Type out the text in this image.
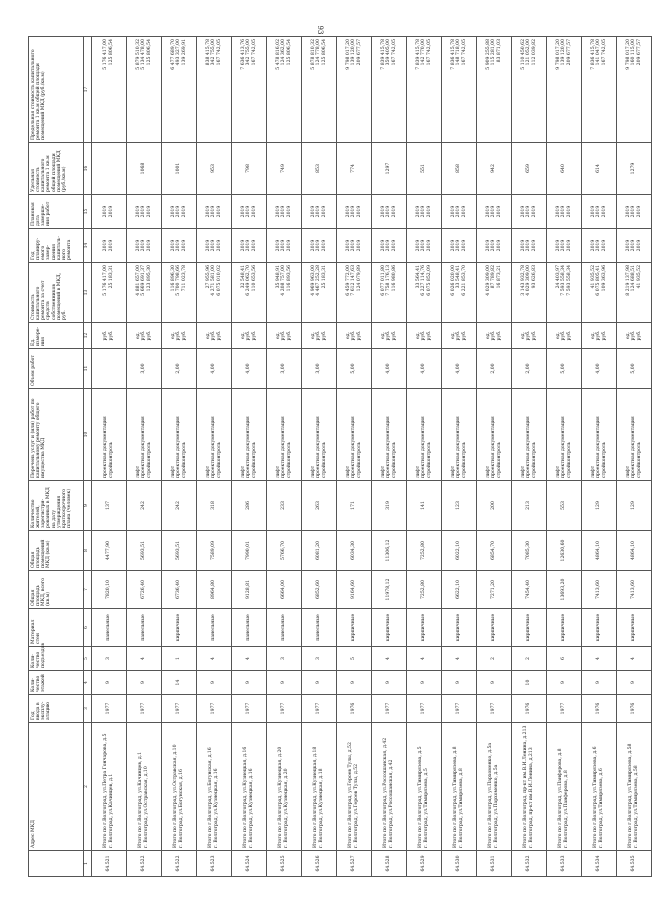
93
	Адрес МКД	Год ввода в эксплу-атацию	Коли-чество этажей	Коли-чество подъездов	Материал стен	Общая площадь МКД, всего (кв.м)	Общая площадь помещений МКД (кв.м)	Количество жителей, зарегистри-рованных в МКД на дату утверждения краткосрочного плана (человек)	Перечень услуг и (или) работ по капитальному ремонту общего имущества МКД	Объем работ	Ед. измере-ния	Стоимость капитального ремонта за счет средств собственников помещений в МКД, руб.	Год планиру-емого завер-шения капиталь-ного ремонта	Плановая дата заверше-ния работ	Удельная стоимость капитального ремонта 1 кв.м общей площади помещений МКД (руб./кв.м)	Предельная стоимость капитального ремонта 1 кв.м общей площади помещений МКД (руб./кв.м)
1	2	3	4	5	6	7	8	9	10	11	12	13	14	15	16	17
64.521	Итого по г.Волгоград, ул.Петра Гончарова, д.5 г. Волгоград, ул.Качинцев, д.1	1977	9	3	панельные	7820,10	4477,90	137	проектная документация стройконтроль		руб. руб.	5 176 417,00 25 183,31	2019 2019	2019 2019		5 176 417,00 125 806,54

64.522	Итого по г.Волгоград, ул.Качинцев, д.1 г. Волгоград, ул.Остравская, д.10	1977	9	4	панельные	6726,40	5693,51	242	лифт проектная документация стройконтроль	3,00	ед. руб. руб.	4 881 657,00 5 669 691,37 123 895,30	2019 2019 2019	2019 2019 2019	1068	5 879 510,32 5 134 478,00 125 806,54

64.522	Итого по г.Волгоград, ул.Остравская, д.10 г. Волгоград, ул.Богунская, д.16	1977	14	1	кирпичные	6736,40	5693,51	242	лифт проектная документация стройконтроль	2,00	ед. руб. руб.	116 896,30 5 700 798,66 711 023,78	2019 2019 2019	2019 2019 2019	1001	6 477 689,70 493 327,00 139 269,91

64.523	Итого по г.Волгоград, ул.Богунская, д.16 г. Волгоград, ул.Кузнецкая, д.16	1977	9	4	панельные	8964,80	7589,09	318	лифт проектная документация стройконтроль	4,00	ед. руб. руб.	27 955,96 4 271 581,00 6 075 010,02	2019 2019 2019	2019 2019 2019	953	838 415,78 342 755,00 167 742,05

64.524	Итого по г.Волгоград, ул.Кузнецкая, д.16 г. Волгоград, ул.Кузнецкая, д.16	1977	9	4	панельные	9128,81	7990,01	286	лифт проектная документация стройконтроль	4,00	ед. руб. руб.	32 548,41 6 249 062,70 110 653,56	2019 2019 2019	2019 2019 2019	798	7 636 413,76 342 755,00 167 742,05

64.525	Итого по г.Волгоград, ул.Кузнецкая, д.20 г. Волгоград, ул.Кузнецкая, д.20	1977	9	3	панельные	6664,00	5766,70	233	лифт проектная документация стройконтроль	3,00	ед. руб. руб.	35 948,91 4 208 757,00 116 893,56	2019 2019 2019	2019 2019 2019	749	5 478 816,02 124 362,00 125 806,54

64.526	Итого по г.Волгоград, ул.Кузнецкая, д.18 г. Волгоград, ул.Кузнецкая, д.18	1977	9	3	панельные	6852,60	6081,20	263	лифт проектная документация стройконтроль	3,00	ед. руб. руб.	4 969 963,00 4 467 252,28 25 183,31	2019 2019 2019	2019 2019 2019	853	5 878 810,32 124 778,00 125 806,54

64.527	Итого по г.Волгоград, ул.Героев Тулы, д.52 г. Волгоград, ул.Героев Тулы, д.52	1976	9	5	кирпичные	9164,60	6034,30	171	лифт проектная документация стройконтроль	5,00	ед. руб. руб.	6 459 772,00 7 612 147,63 124 079,89	2019 2019 2019	2019 2019 2019	774	9 798 017,20 139 120,00 209 677,57

64.528	Итого по г.Волгоград, ул.Россошанская, д.42 г. Волгоград, ул.Россошанская, д.42	1977	9	4	кирпичные	11978,12	11306,12	319	лифт проектная документация стройконтроль	4,00	ед. руб. руб.	6 077 011,80 7 758 176,13 116 980,86	2019 2019 2019	2019 2019 2019	1297	7 839 415,78 359 405,00 167 742,05

64.529	Итого по г.Волгоград, ул.Тимирязева, д.5 г. Волгоград, ул.Тимирязева, д.5	1977	9	4	кирпичные	7252,80	7252,80	141	лифт проектная документация стройконтроль	4,00	ед. руб. руб.	33 564,41 6 227 114,76 6 075 852,09	2019 2019 2019	2019 2019 2019	551	7 839 415,78 142 770,00 167 742,05

64.530	Итого по г.Волгоград, ул.Тимирязева, д.8 г. Волгоград, ул.Тимирязева, д.8	1977	9	4	кирпичные	6622,10	6022,10	123	лифт проектная документация стройконтроль	4,00	ед. руб. руб.	6 026 020,00 33 548,41 6 221 853,70	2019 2019 2019	2019 2019 2019	858	7 836 415,78 148 718,00 167 742,05

64.531	Итого по г.Волгоград, ул.Пархоменко, д.5а г. Волгоград, ул.Пархоменко, д.5а	1977	9	2	кирпичные	7271,20	6854,70	200	лифт проектная документация стройконтроль	2,00	ед. руб. руб.	4 029 309,00 87 789,82 16 873,21	2019 2019 2019	2019 2019 2019	942	5 909 255,88 115 281,00 83 871,03

64.532	Итого по г.Волгоград, пр-кт им.В.И.Ленина, д.213 г. Волгоград, пр-кт им.В.И.Ленина, д.213	1976	10	2	кирпичные	7454,40	7085,30	213	лифт проектная документация стройконтроль	2,00	ед. руб. руб.	3 143 932,78 4 029 309,00 93 626,83	2019 2019 2019	2019 2019 2019	659	5 110 450,62 121 052,00 112 039,82

64.533	Итого по г.Волгоград, ул.Панферова, д.8 г. Волгоград, ул.Панферова, д.8	1977	9	6	кирпичные	13693,20	12630,60	553	лифт проектная документация стройконтроль	5,00	ед. руб. руб.	24 403,97 7 593 558,34 7 593 558,34	2019 2019 2019	2019 2019 2019	640	9 798 017,20 139 120,00 209 677,57

64.534	Итого по г.Волгоград, ул.Тимирязева, д.6 г. Волгоград, ул.Тимирязева, д.6	1976	9	4	кирпичные	7413,60	4864,10	129	лифт проектная документация стройконтроль	4,00	ед. руб. руб.	41 935,52 6 075 805,41 109 363,96	2019 2019 2019	2019 2019 2019	614	7 836 415,78 141 047,00 167 742,05

64.535	Итого по г.Волгоград, ул.Тимирязева, д.58 г. Волгоград, ул.Тимирязева, д.58	1976	9	4	кирпичные	7413,60	4864,10	129	лифт проектная документация стройконтроль	5,00	ед. руб. руб.	8 219 137,98 124 688,51 41 935,52	2019 2019 2019	2019 2019 2019	1279	9 798 017,20 160 115,00 209 677,57
